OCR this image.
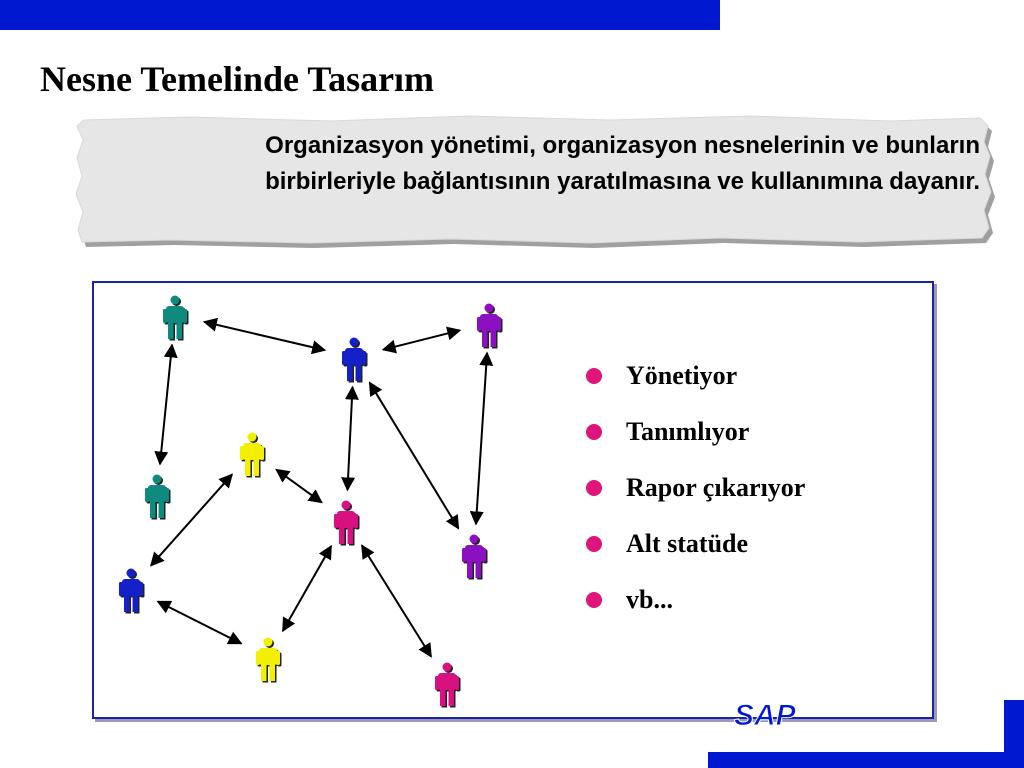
Nesne Temelinde Tasarım
Organizasyon yönetimi, organizasyon nesnelerinin ve bunların
birbirleriyle bağlantısının yaratılmasına ve kullanımına dayanır.
Yönetiyor
Tanımlıyor
Rapor çıkarıyor
Alt statüde
vb...
SAP
